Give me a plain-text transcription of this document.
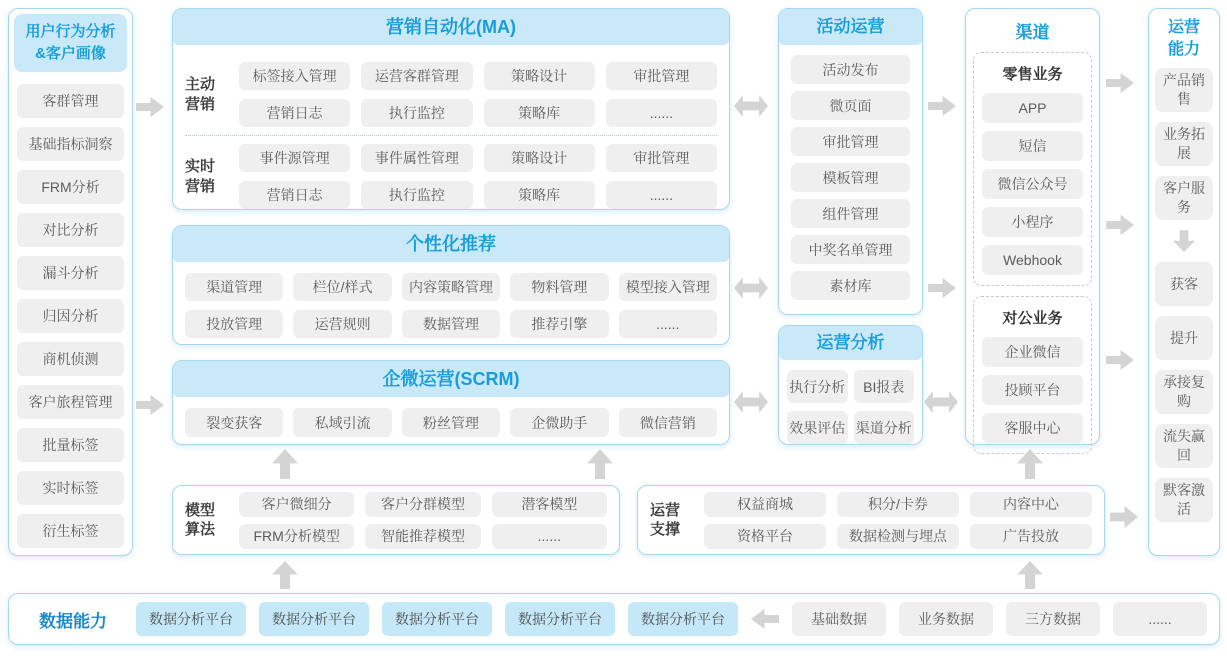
用户行为分析
&客户画像
客群管理
基础指标洞察
FRM分析
对比分析
漏斗分析
归因分析
商机侦测
客户旅程管理
批量标签
实时标签
衍生标签
营销自动化(MA)
主动
营销
标签接入管理	运营客群管理	策略设计	审批管理
营销日志	执行监控	策略库	......
实时
营销
事件源管理	事件属性管理	策略设计	审批管理
营销日志	执行监控	策略库	......
个性化推荐
渠道管理	栏位/样式	内容策略管理	物料管理	模型接入管理
投放管理	运营规则	数据管理	推荐引擎	......
企微运营(SCRM)
裂变获客	私域引流	粉丝管理	企微助手	微信营销
活动运营
活动发布
微页面
审批管理
模板管理
组件管理
中奖名单管理
素材库
运营分析
执行分析	BI报表
效果评估 渠道分析
渠道
零售业务
APP
短信
微信公众号
小程序
Webhook
对公业务
企业微信
投顾平台
客服中心
运营
能力
产品销售
业务拓展
客户服务
获客
提升
承接复购
流失赢回
默客激活
模型
算法
客户微细分	客户分群模型	潜客模型
FRM分析模型	智能推荐模型	......
运营
支撑
权益商城	积分/卡券	内容中心
资格平台	数据检测与埋点	广告投放
数据能力	数据分析平台	数据分析平台	数据分析平台	数据分析平台	数据分析平台	基础数据	业务数据	三方数据	......
